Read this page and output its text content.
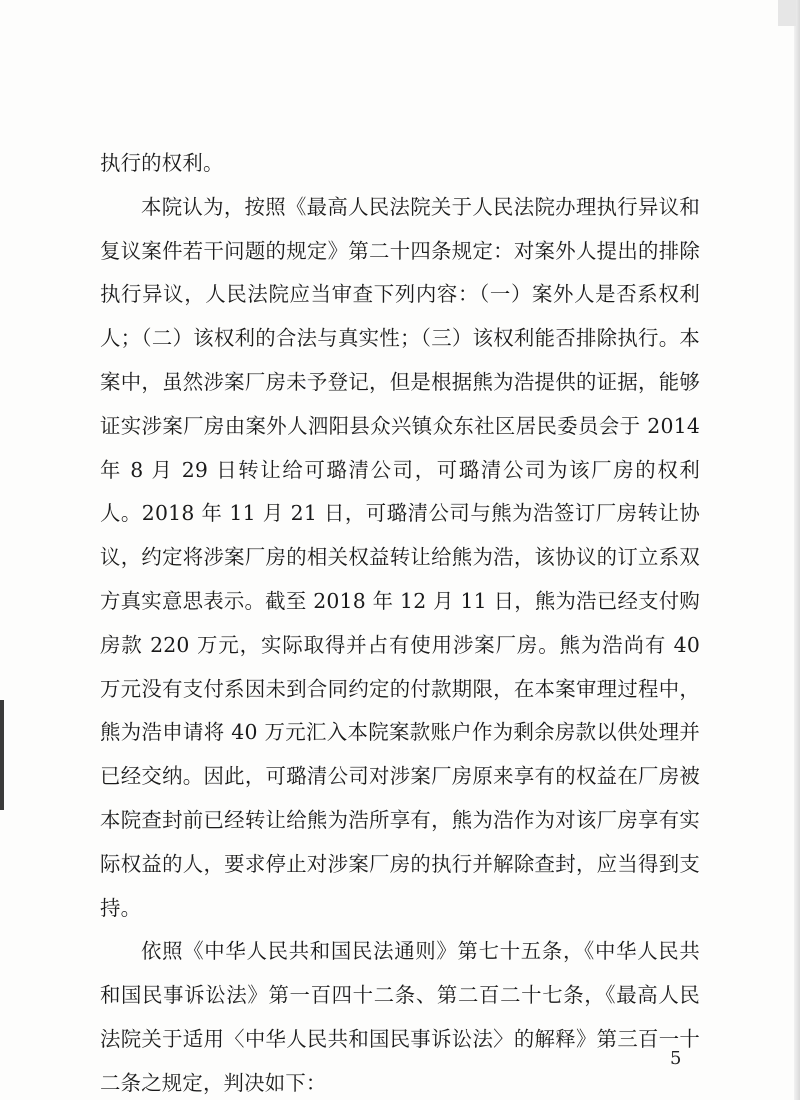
执行的权利。

本院认为，按照《最高人民法院关于人民法院办理执行异议和复议案件若干问题的规定》第二十四条规定：对案外人提出的排除执行异议，人民法院应当审查下列内容：（一）案外人是否系权利人；（二）该权利的合法与真实性；（三）该权利能否排除执行。本案中，虽然涉案厂房未予登记，但是根据熊为浩提供的证据，能够证实涉案厂房由案外人泗阳县众兴镇众东社区居民委员会于 2014 年 8 月 29 日转让给可璐清公司，可璐清公司为该厂房的权利人。2018 年 11 月 21 日，可璐清公司与熊为浩签订厂房转让协议，约定将涉案厂房的相关权益转让给熊为浩，该协议的订立系双方真实意思表示。截至 2018 年 12 月 11 日，熊为浩已经支付购房款 220 万元，实际取得并占有使用涉案厂房。熊为浩尚有 40 万元没有支付系因未到合同约定的付款期限，在本案审理过程中，熊为浩申请将 40 万元汇入本院案款账户作为剩余房款以供处理并已经交纳。因此，可璐清公司对涉案厂房原来享有的权益在厂房被本院查封前已经转让给熊为浩所享有，熊为浩作为对该厂房享有实际权益的人，要求停止对涉案厂房的执行并解除查封，应当得到支持。

依照《中华人民共和国民法通则》第七十五条，《中华人民共和国民事诉讼法》第一百四十二条、第二百二十七条，《最高人民法院关于适用〈中华人民共和国民事诉讼法〉的解释》第三百一十二条之规定，判决如下：

5
